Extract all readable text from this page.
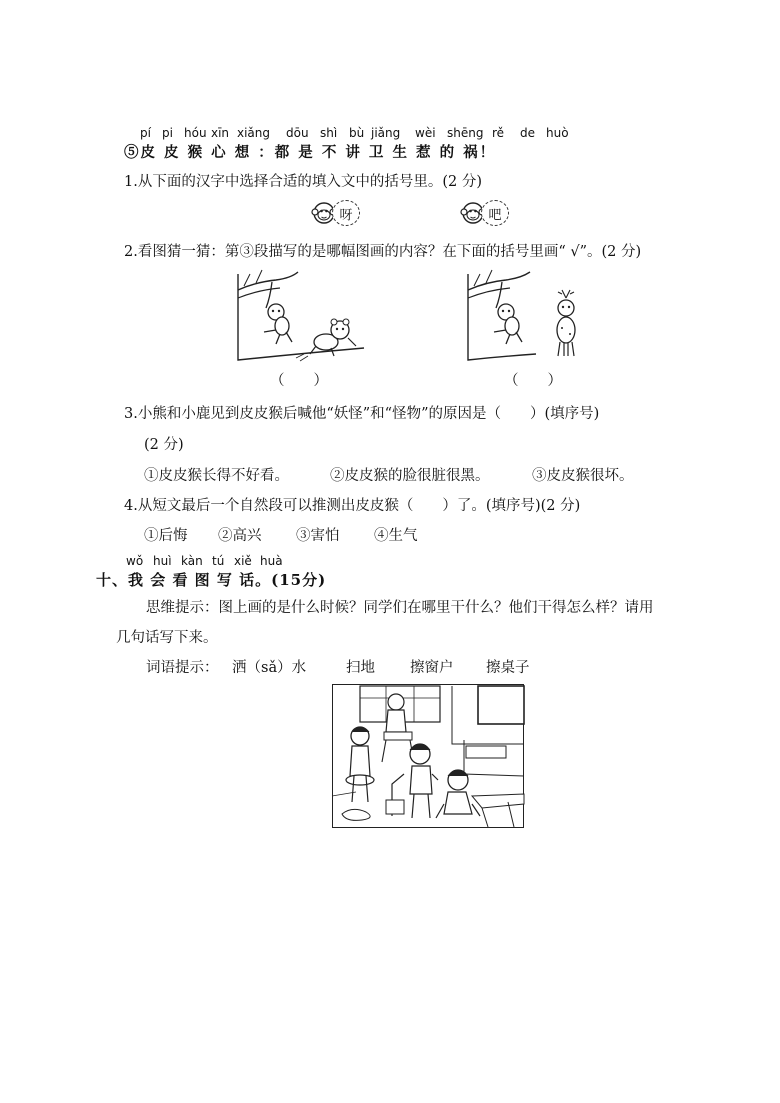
pí pi hóu xīn xiǎng dōu shì bù jiǎng wèi shēng rě de huò
⑤皮 皮 猴 心 想 ：都 是 不 讲 卫 生 惹 的 祸！
1.从下面的汉字中选择合适的填入文中的括号里。(2 分)
呀	吧
2.看图猜一猜：第③段描写的是哪幅图画的内容？在下面的括号里画“ √”。(2 分)
（　　）	（　　）
3.小熊和小鹿见到皮皮猴后喊他“妖怪”和“怪物”的原因是（　　）(填序号)
(2 分)
①皮皮猴长得不好看。	②皮皮猴的脸很脏很黑。	③皮皮猴很坏。
4.从短文最后一个自然段可以推测出皮皮猴（　　）了。(填序号)(2 分)
①后悔 ②高兴 ③害怕 ④生气
wǒ huì kàn tú xiě huà
十、我 会 看 图 写 话。(15分)
思维提示：图上画的是什么时候？同学们在哪里干什么？他们干得怎么样？请用
几句话写下来。
词语提示： 洒（sǎ）水	扫地 擦窗户 擦桌子
